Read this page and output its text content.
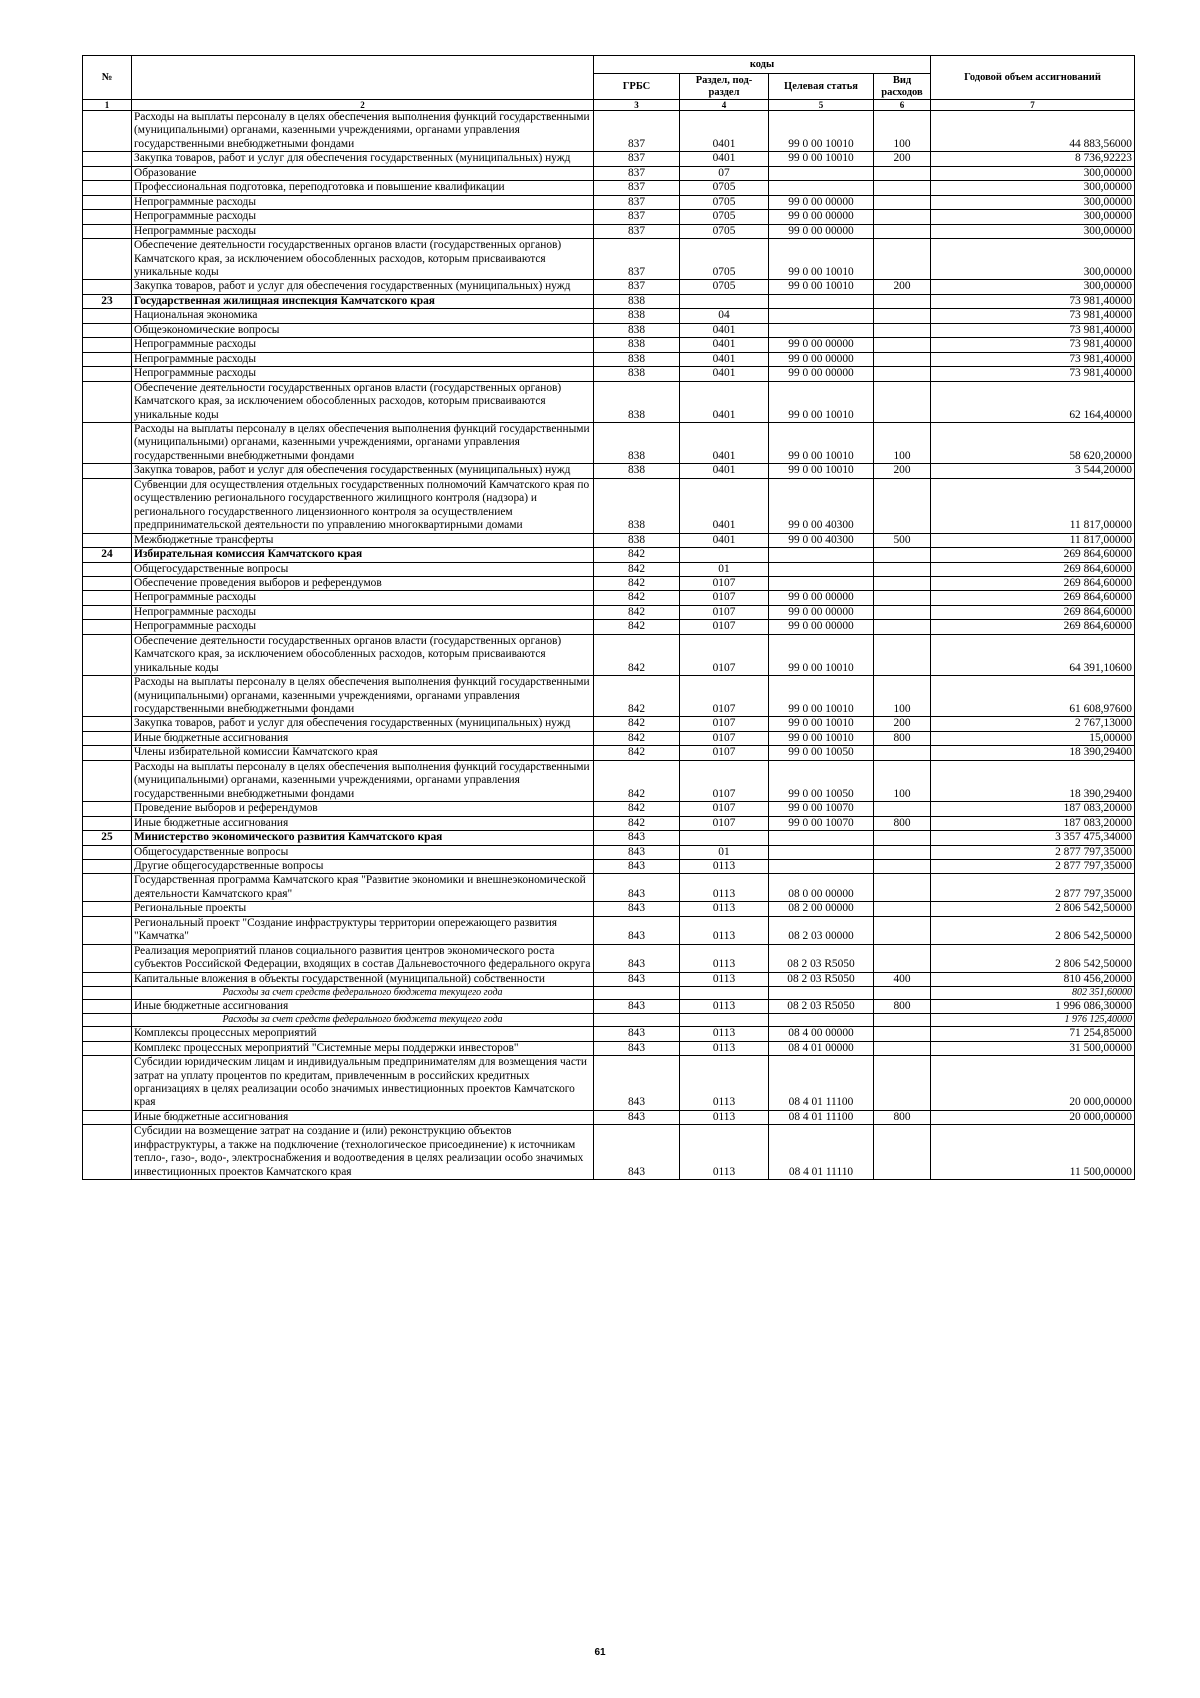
№		коды				Годовой объем ассигнований
		ГРБС	Раздел, под-раздел	Целевая статья	Вид расходов	
1	2	3	4	5	6	7
	Расходы на выплаты персоналу в целях обеспечения выполнения функций государственными (муниципальными) органами, казенными учреждениями, органами управления государственными внебюджетными фондами	837	0401	99 0 00 10010	100	44 883,56000
	Закупка товаров, работ и услуг для обеспечения государственных (муниципальных) нужд	837	0401	99 0 00 10010	200	8 736,92223
	Образование	837	07			300,00000
	Профессиональная подготовка, переподготовка и повышение квалификации	837	0705			300,00000
	Непрограммные расходы	837	0705	99 0 00 00000		300,00000
	Непрограммные расходы	837	0705	99 0 00 00000		300,00000
	Непрограммные расходы	837	0705	99 0 00 00000		300,00000
	Обеспечение деятельности государственных органов власти (государственных органов) Камчатского края, за исключением обособленных расходов, которым присваиваются уникальные коды	837	0705	99 0 00 10010		300,00000
	Закупка товаров, работ и услуг для обеспечения государственных (муниципальных) нужд	837	0705	99 0 00 10010	200	300,00000
23	Государственная жилищная инспекция Камчатского края	838				73 981,40000
	Национальная экономика	838	04			73 981,40000
	Общеэкономические вопросы	838	0401			73 981,40000
	Непрограммные расходы	838	0401	99 0 00 00000		73 981,40000
	Непрограммные расходы	838	0401	99 0 00 00000		73 981,40000
	Непрограммные расходы	838	0401	99 0 00 00000		73 981,40000
	Обеспечение деятельности государственных органов власти (государственных органов) Камчатского края, за исключением обособленных расходов, которым присваиваются уникальные коды	838	0401	99 0 00 10010		62 164,40000
	Расходы на выплаты персоналу в целях обеспечения выполнения функций государственными (муниципальными) органами, казенными учреждениями, органами управления государственными внебюджетными фондами	838	0401	99 0 00 10010	100	58 620,20000
	Закупка товаров, работ и услуг для обеспечения государственных (муниципальных) нужд	838	0401	99 0 00 10010	200	3 544,20000
	Субвенции для осуществления отдельных государственных полномочий Камчатского края по осуществлению регионального государственного жилищного контроля (надзора) и регионального государственного лицензионного контроля за осуществлением предпринимательской деятельности по управлению многоквартирными домами	838	0401	99 0 00 40300		11 817,00000
	Межбюджетные трансферты	838	0401	99 0 00 40300	500	11 817,00000
24	Избирательная комиссия Камчатского края	842				269 864,60000
	Общегосударственные вопросы	842	01			269 864,60000
	Обеспечение проведения выборов и референдумов	842	0107			269 864,60000
	Непрограммные расходы	842	0107	99 0 00 00000		269 864,60000
	Непрограммные расходы	842	0107	99 0 00 00000		269 864,60000
	Непрограммные расходы	842	0107	99 0 00 00000		269 864,60000
	Обеспечение деятельности государственных органов власти (государственных органов) Камчатского края, за исключением обособленных расходов, которым присваиваются уникальные коды	842	0107	99 0 00 10010		64 391,10600
	Расходы на выплаты персоналу в целях обеспечения выполнения функций государственными (муниципальными) органами, казенными учреждениями, органами управления государственными внебюджетными фондами	842	0107	99 0 00 10010	100	61 608,97600
	Закупка товаров, работ и услуг для обеспечения государственных (муниципальных) нужд	842	0107	99 0 00 10010	200	2 767,13000
	Иные бюджетные ассигнования	842	0107	99 0 00 10010	800	15,00000
	Члены избирательной комиссии Камчатского края	842	0107	99 0 00 10050		18 390,29400
	Расходы на выплаты персоналу в целях обеспечения выполнения функций государственными (муниципальными) органами, казенными учреждениями, органами управления государственными внебюджетными фондами	842	0107	99 0 00 10050	100	18 390,29400
	Проведение выборов и референдумов	842	0107	99 0 00 10070		187 083,20000
	Иные бюджетные ассигнования	842	0107	99 0 00 10070	800	187 083,20000
25	Министерство экономического развития Камчатского края	843				3 357 475,34000
	Общегосударственные вопросы	843	01			2 877 797,35000
	Другие общегосударственные вопросы	843	0113			2 877 797,35000
	Государственная программа Камчатского края "Развитие экономики и внешнеэкономической деятельности Камчатского края"	843	0113	08 0 00 00000		2 877 797,35000
	Региональные проекты	843	0113	08 2 00 00000		2 806 542,50000
	Региональный проект "Создание инфраструктуры территории опережающего развития "Камчатка"	843	0113	08 2 03 00000		2 806 542,50000
	Реализация мероприятий планов социального развития центров экономического роста субъектов Российской Федерации, входящих в состав Дальневосточного федерального округа	843	0113	08 2 03 R5050		2 806 542,50000
	Капитальные вложения в объекты государственной (муниципальной) собственности	843	0113	08 2 03 R5050	400	810 456,20000
	Расходы за счет средств федерального бюджета текущего года					802 351,60000
	Иные бюджетные ассигнования	843	0113	08 2 03 R5050	800	1 996 086,30000
	Расходы за счет средств федерального бюджета текущего года					1 976 125,40000
	Комплексы процессных мероприятий	843	0113	08 4 00 00000		71 254,85000
	Комплекс процессных мероприятий "Системные меры поддержки инвесторов"	843	0113	08 4 01 00000		31 500,00000
	Субсидии юридическим лицам и индивидуальным предпринимателям для возмещения части затрат на уплату процентов по кредитам, привлеченным в российских кредитных организациях в целях реализации особо значимых инвестиционных проектов Камчатского края	843	0113	08 4 01 11100		20 000,00000
	Иные бюджетные ассигнования	843	0113	08 4 01 11100	800	20 000,00000
	Субсидии на возмещение затрат на создание и (или) реконструкцию объектов инфраструктуры, а также на подключение (технологическое присоединение) к источникам тепло-, газо-, водо-, электроснабжения и водоотведения в целях реализации особо значимых инвестиционных проектов Камчатского края	843	0113	08 4 01 11110		11 500,00000
61
